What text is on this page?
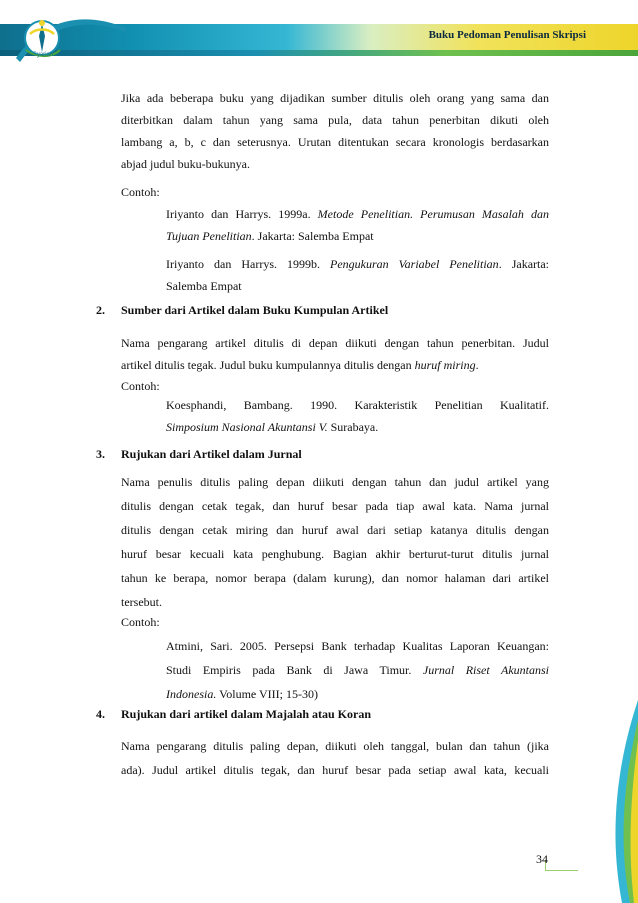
Syariah
Buku Pedoman Penulisan Skripsi
Jika ada beberapa buku yang dijadikan sumber ditulis oleh orang yang sama dan
diterbitkan dalam tahun yang sama pula, data tahun penerbitan dikuti oleh
lambang a, b, c dan seterusnya. Urutan ditentukan secara kronologis berdasarkan
abjad judul buku-bukunya.
Contoh:
Iriyanto dan Harrys. 1999a. Metode Penelitian. Perumusan Masalah dan
Tujuan Penelitian. Jakarta: Salemba Empat
Iriyanto dan Harrys. 1999b. Pengukuran Variabel Penelitian. Jakarta:
Salemba Empat
2. Sumber dari Artikel dalam Buku Kumpulan Artikel
Nama pengarang artikel ditulis di depan diikuti dengan tahun penerbitan. Judul
artikel ditulis tegak. Judul buku kumpulannya ditulis dengan huruf miring.
Contoh:
Koesphandi, Bambang. 1990. Karakteristik Penelitian Kualitatif.
Simposium Nasional Akuntansi V. Surabaya.
3. Rujukan dari Artikel dalam Jurnal
Nama penulis ditulis paling depan diikuti dengan tahun dan judul artikel yang
ditulis dengan cetak tegak, dan huruf besar pada tiap awal kata. Nama jurnal
ditulis dengan cetak miring dan huruf awal dari setiap katanya ditulis dengan
huruf besar kecuali kata penghubung. Bagian akhir berturut-turut ditulis jurnal
tahun ke berapa, nomor berapa (dalam kurung), dan nomor halaman dari artikel
tersebut.
Contoh:
Atmini, Sari. 2005. Persepsi Bank terhadap Kualitas Laporan Keuangan:
Studi Empiris pada Bank di Jawa Timur. Jurnal Riset Akuntansi
Indonesia. Volume VIII; 15-30)
4. Rujukan dari artikel dalam Majalah atau Koran
Nama pengarang ditulis paling depan, diikuti oleh tanggal, bulan dan tahun (jika
ada). Judul artikel ditulis tegak, dan huruf besar pada setiap awal kata, kecuali
34
